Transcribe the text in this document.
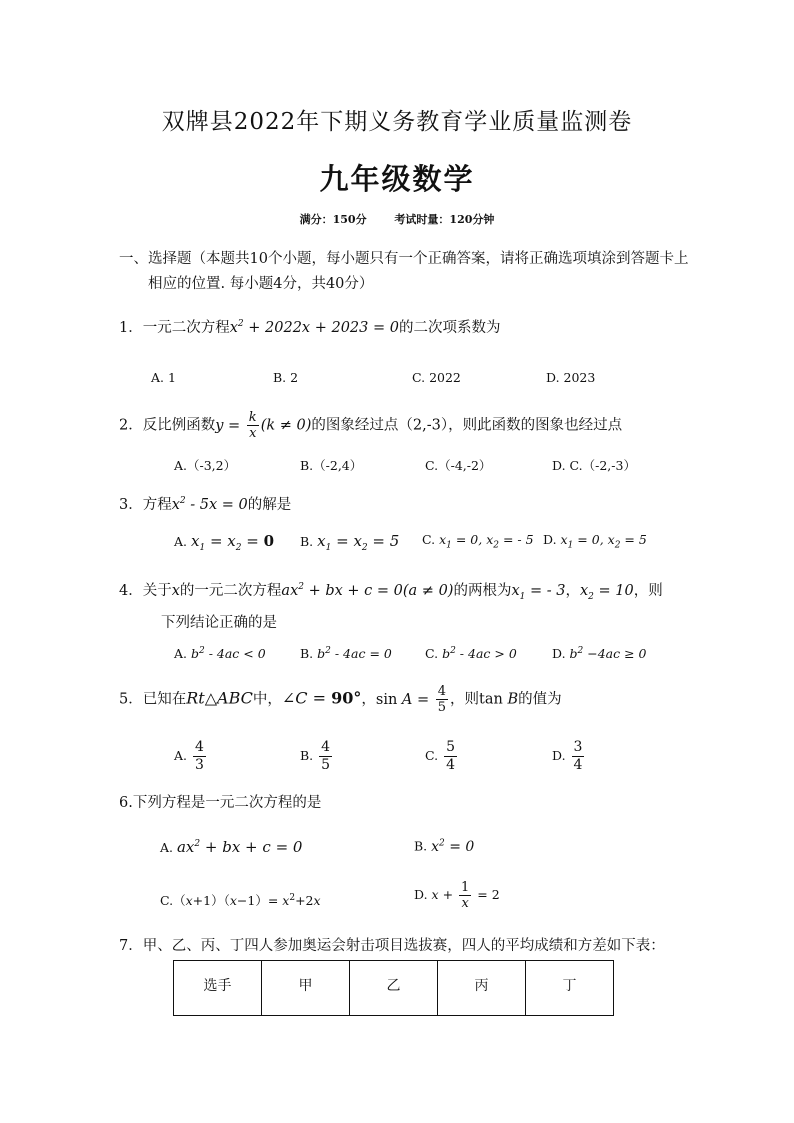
双牌县2022年下期义务教育学业质量监测卷
九年级数学
满分：150分	考试时量：120分钟
一、选择题（本题共10个小题，每小题只有一个正确答案，请将正确选项填涂到答题卡上
相应的位置. 每小题4分，共40分）
1．一元二次方程$x^2 + 2022x + 2023 = 0$的二次项系数为
A. 1	B. 2	C. 2022	D. 2023
2．反比例函数$y = \frac{k}{x} (k \ne 0)$的图象经过点（2,-3），则此函数的图象也经过点
A.（-3,2）	B.（-2,4）	C.（-4,-2）	D. C.（-2,-3）
3．方程$x^2 - 5x = 0$的解是
A. $x_1 = x_2 = 0$ B. $x_1 = x_2 = 5$ C. $x_1 = 0$, $x_2$ = - 5 D. $x_1 = 0$, $x_2 = 5$
4．关于x的一元二次方程$ax^2$ + bx + c = 0(a ≠ 0)的两根为$x_1$ = - 3，$x_2 = 10$，则
下列结论正确的是
A. $b^2 - 4ac < 0$	B. $b^2 - 4ac = 0$	C. $b^2 - 4ac > 0$	D. $b^2 -4ac \ge 0$
5．已知在Rt△ABC中，∠C = 90°，$\sin A = \frac{4}{5}$ ，则tan B的值为
A. $\frac{4}{3}$	B. $\frac{4}{5}$	C. $\frac{5}{4}$	D. $\frac{3}{4}$
6.下列方程是一元二次方程的是
A. $ax^2$ + bx + c = 0	B. $x^2 = 0$
$C.(x+1)(x-1)= x^2+2x$	D. $x + \frac{1}{x} = 2$
7．甲、乙、丙、丁四人参加奥运会射击项目选拔赛，四人的平均成绩和方差如下表：
选手	甲	乙	丙	丁
